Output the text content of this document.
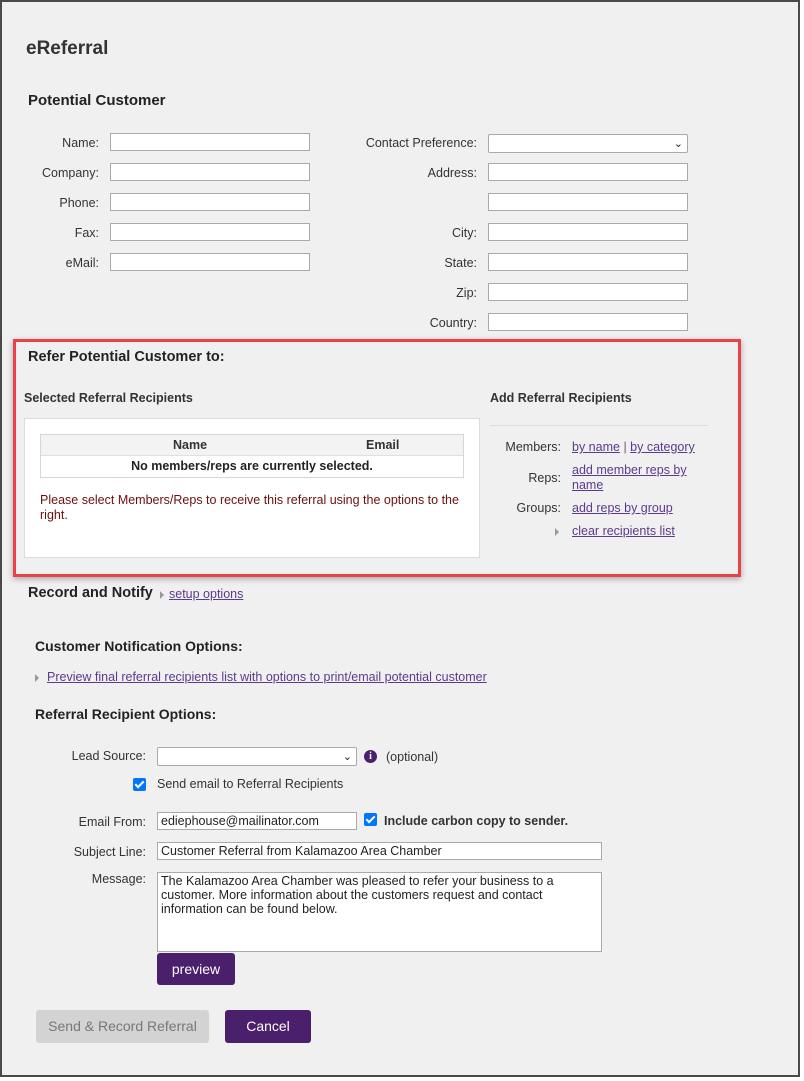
eReferral
Potential Customer
Name:
Company:
Phone:
Fax:
eMail:
Contact Preference:	⌄
Address:
City:
State:
Zip:
Country:
Refer Potential Customer to:
Selected Referral Recipients
Name	Email
No members/reps are currently selected.
Please select Members/Reps to receive this referral using the options to the right.
Add Referral Recipients
Members: by name | by category
Reps:
add member reps by
name
Groups: add reps by group
clear recipients list
Record and Notify setup options
Customer Notification Options:
Preview final referral recipients list with options to print/email potential customer
Referral Recipient Options:
Lead Source:	⌄	i	(optional)
Send email to Referral Recipients
Email From:
ediephouse@mailinator.com	Include carbon copy to sender.
Subject Line:
Customer Referral from Kalamazoo Area Chamber
Message:
The Kalamazoo Area Chamber was pleased to refer your business to a customer. More information about the customers request and contact information can be found below.
preview
Send & Record Referral	Cancel
